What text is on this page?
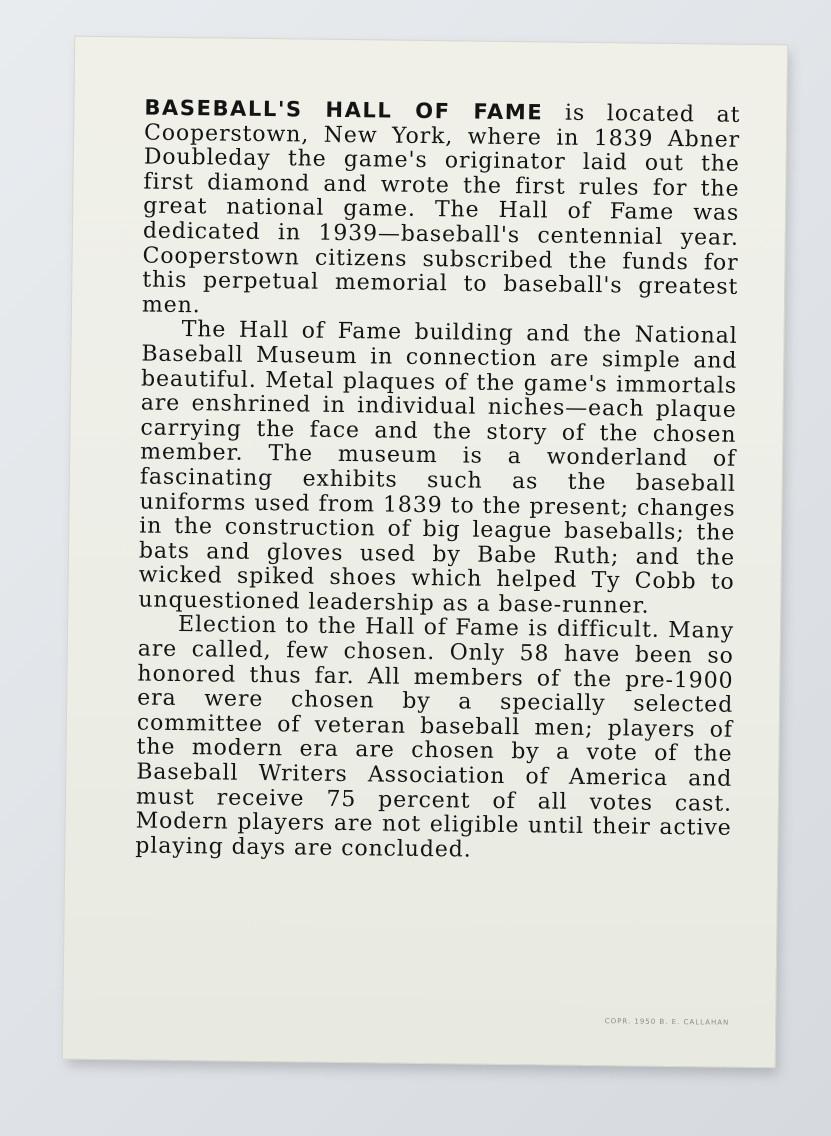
BASEBALL'S HALL OF FAME is located at Cooperstown, New York, where in 1839 Abner Doubleday the game's originator laid out the first diamond and wrote the first rules for the great national game. The Hall of Fame was dedicated in 1939—baseball's centennial year. Cooperstown citizens subscribed the funds for this perpetual memorial to baseball's greatest men.

The Hall of Fame building and the National Baseball Museum in connection are simple and beautiful. Metal plaques of the game's immortals are enshrined in individual niches—each plaque carrying the face and the story of the chosen member. The museum is a wonderland of fascinating exhibits such as the baseball uniforms used from 1839 to the present; changes in the construction of big league baseballs; the bats and gloves used by Babe Ruth; and the wicked spiked shoes which helped Ty Cobb to unquestioned leadership as a base-runner.

Election to the Hall of Fame is difficult. Many are called, few chosen. Only 58 have been so honored thus far. All members of the pre-1900 era were chosen by a specially selected committee of veteran baseball men; players of the modern era are chosen by a vote of the Baseball Writers Association of America and must receive 75 percent of all votes cast. Modern players are not eligible until their active playing days are concluded.

COPR. 1950 B. E. CALLAHAN
